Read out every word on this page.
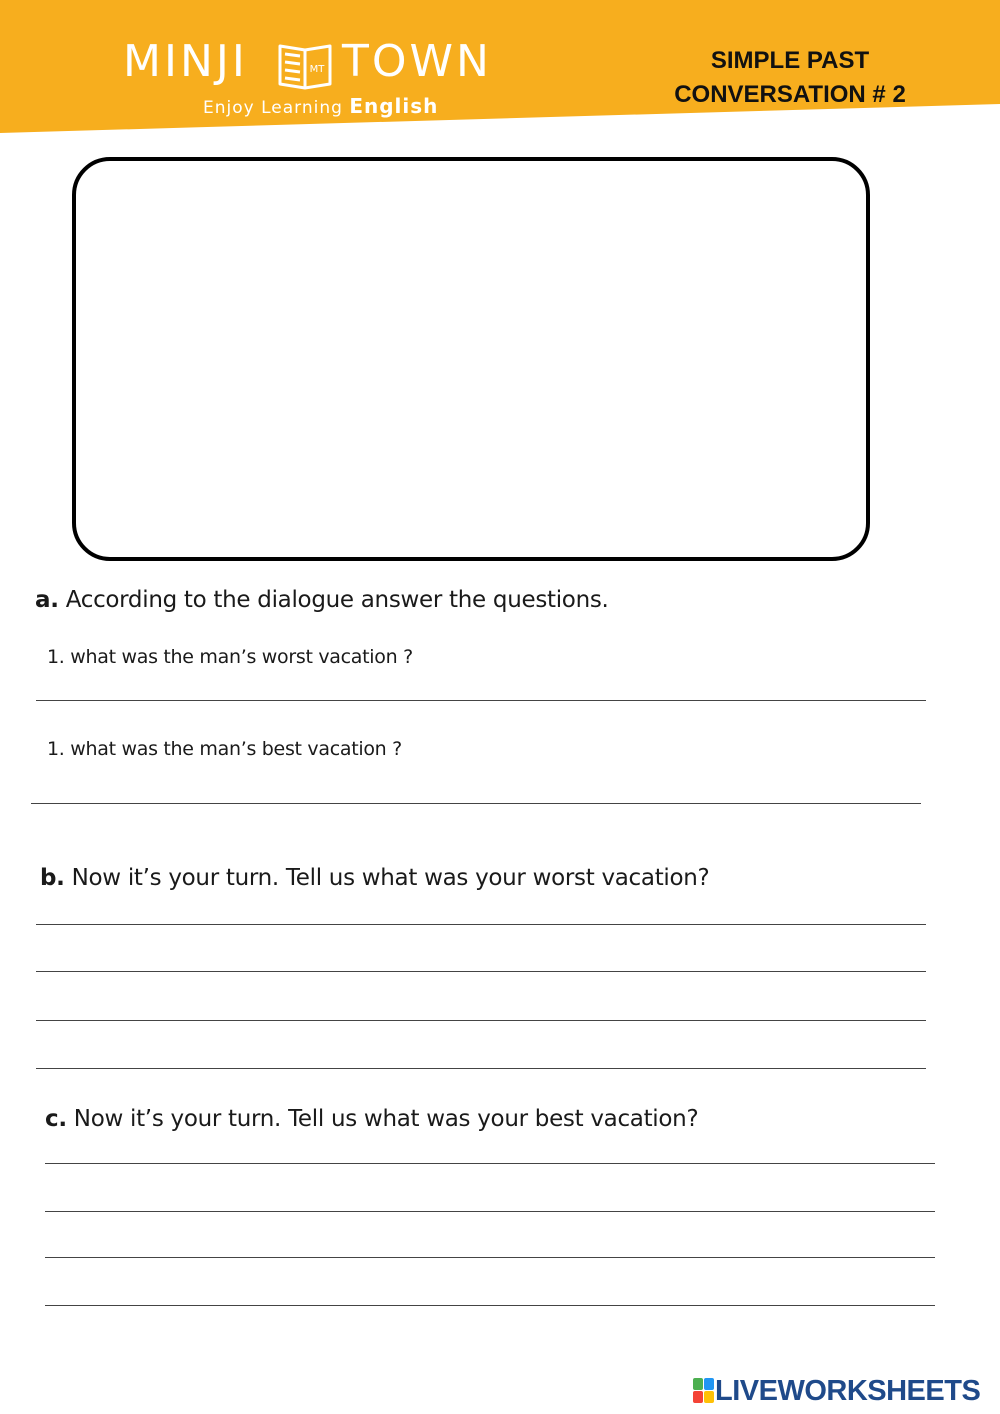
MINJI	MT TOWN
Enjoy Learning English
SIMPLE PAST
CONVERSATION # 2
a. According to the dialogue answer the questions.
1. what was the man’s worst vacation ?
1. what was the man’s best vacation ?
b. Now it’s your turn. Tell us what was your worst vacation?
c. Now it’s your turn. Tell us what was your best vacation?
LIVEWORKSHEETS
